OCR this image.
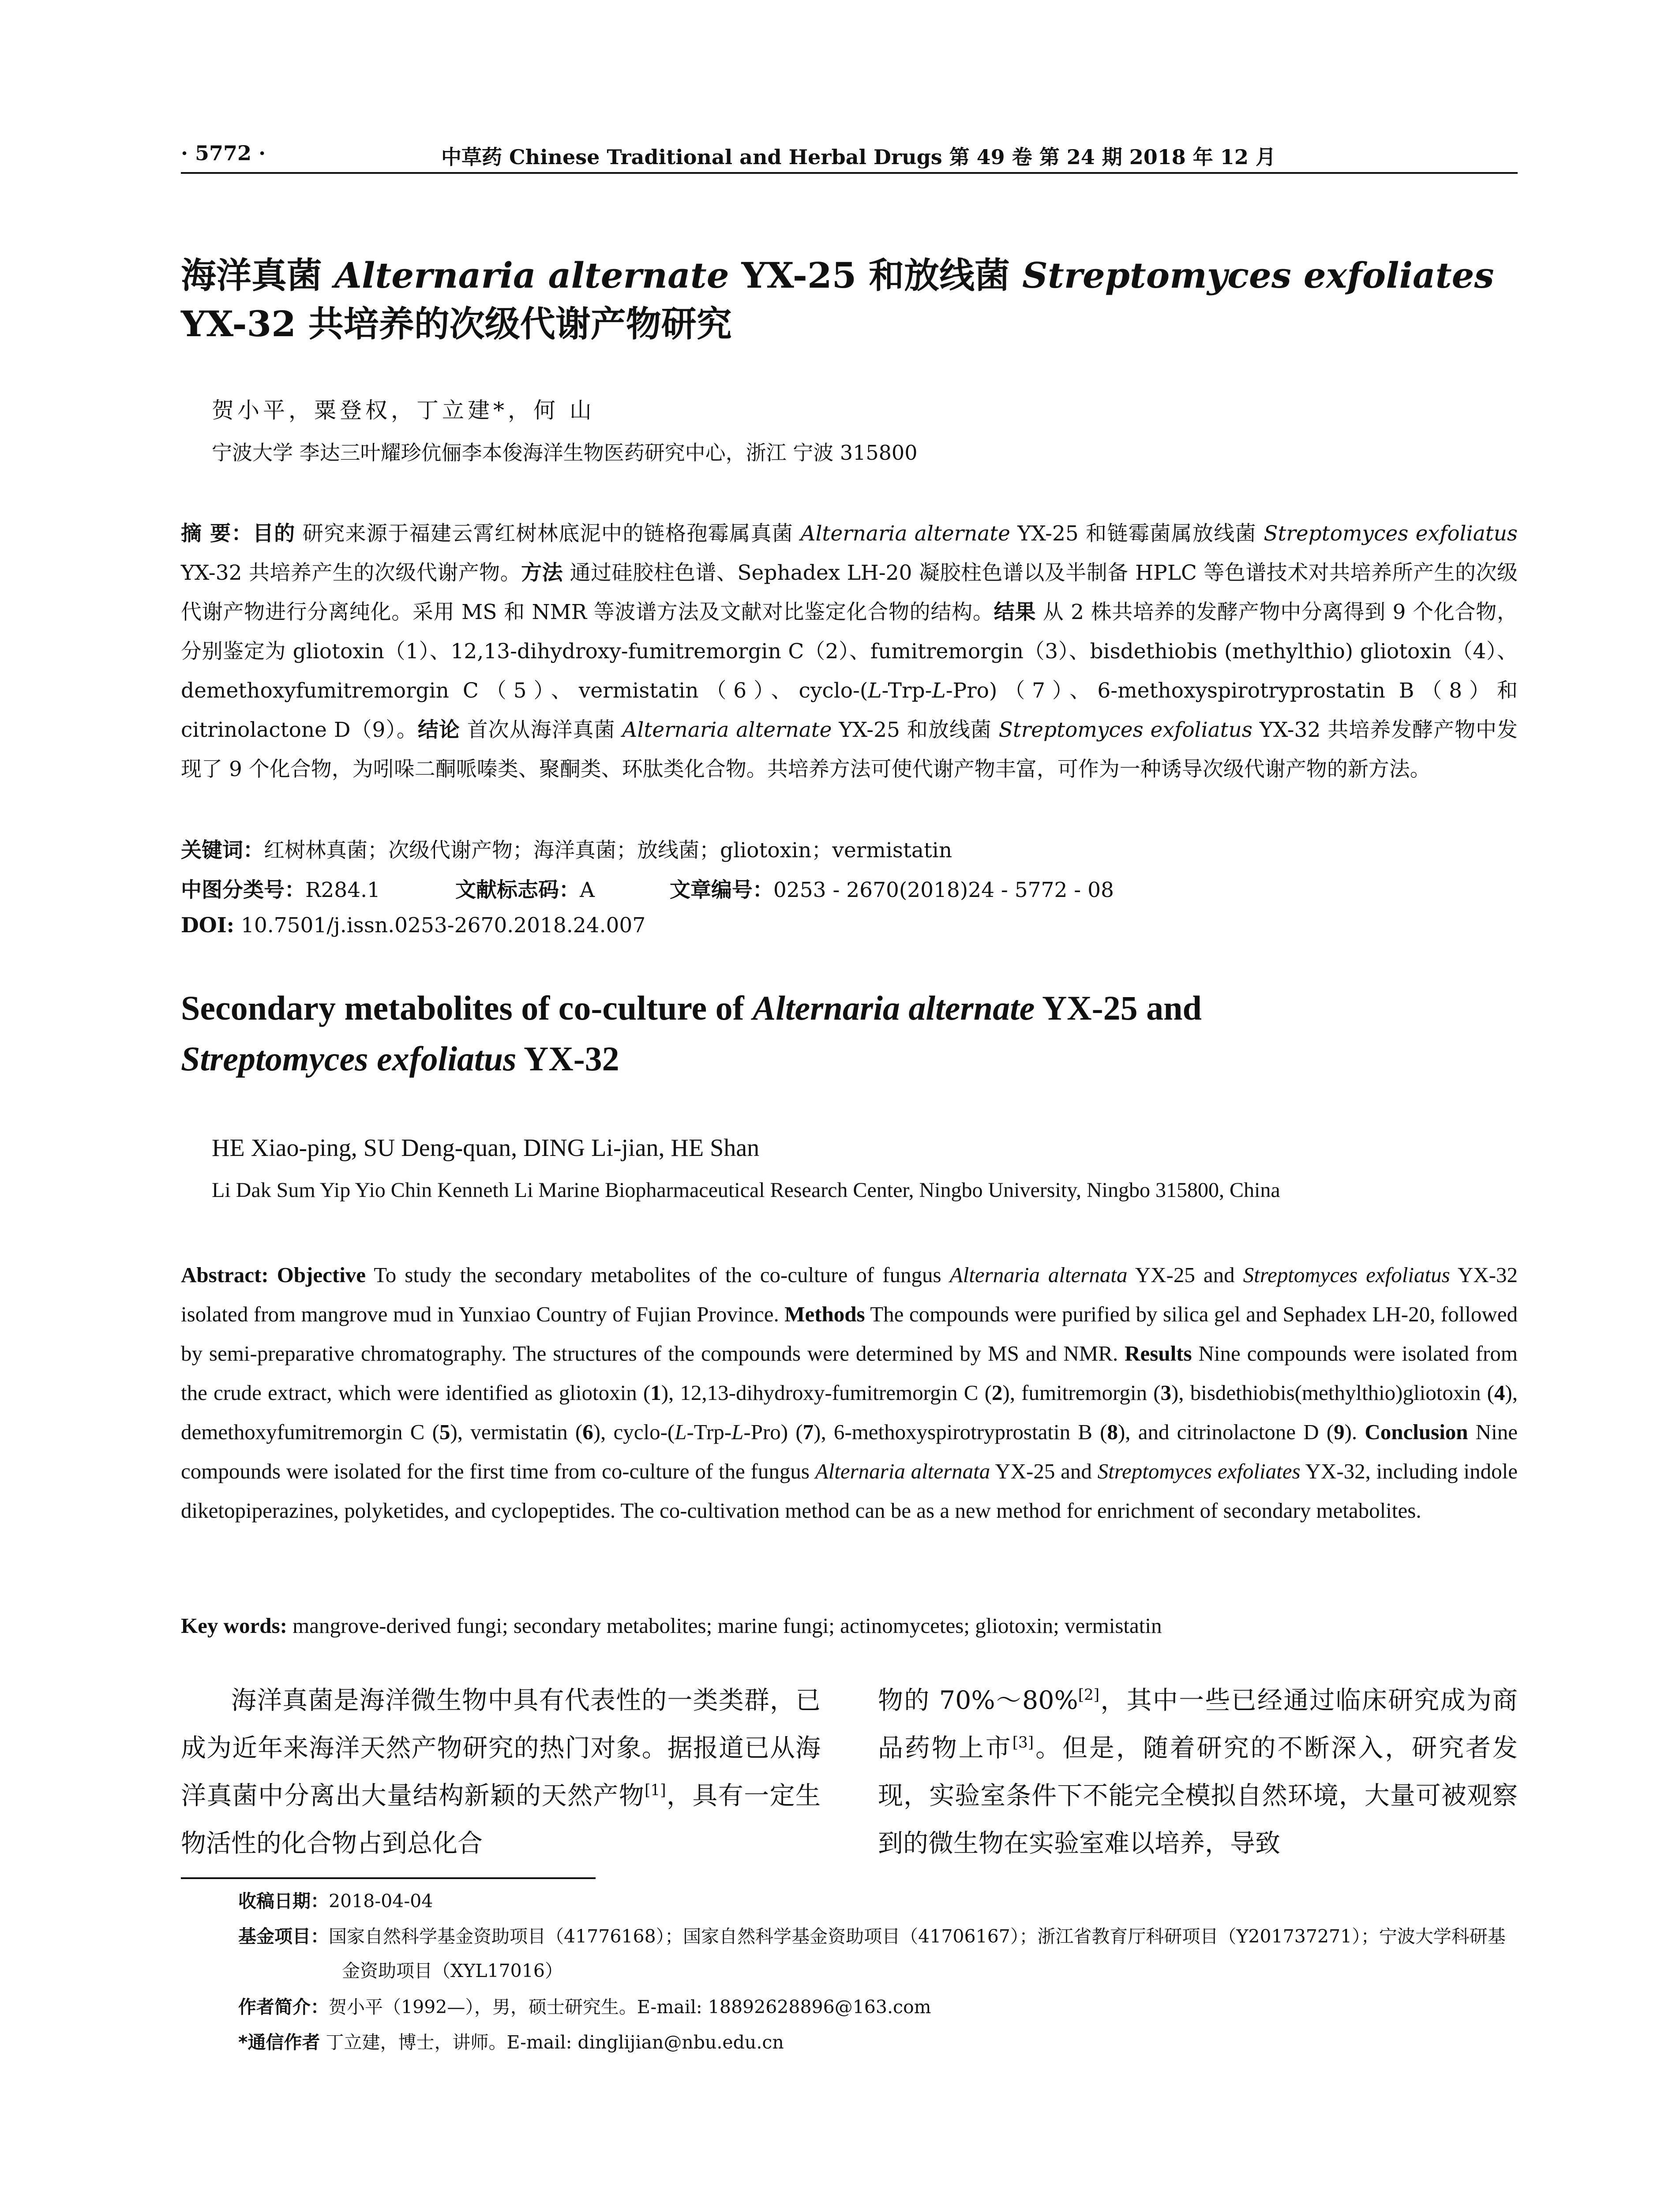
· 5772 ·	中草药 Chinese Traditional and Herbal Drugs 第 49 卷 第 24 期 2018 年 12 月
海洋真菌 Alternaria alternate YX-25 和放线菌 Streptomyces exfoliates
YX-32 共培养的次级代谢产物研究
贺小平，粟登权，丁立建*，何 山
宁波大学 李达三叶耀珍伉俪李本俊海洋生物医药研究中心，浙江 宁波 315800
摘 要：目的 研究来源于福建云霄红树林底泥中的链格孢霉属真菌 Alternaria alternate YX-25 和链霉菌属放线菌 Streptomyces exfoliatus YX-32 共培养产生的次级代谢产物。方法 通过硅胶柱色谱、Sephadex LH-20 凝胶柱色谱以及半制备 HPLC 等色谱技术对共培养所产生的次级代谢产物进行分离纯化。采用 MS 和 NMR 等波谱方法及文献对比鉴定化合物的结构。结果 从 2 株共培养的发酵产物中分离得到 9 个化合物，分别鉴定为 gliotoxin（1）、12,13-dihydroxy-fumitremorgin C（2）、fumitremorgin（3）、bisdethiobis (methylthio) gliotoxin（4）、demethoxyfumitremorgin C（5）、vermistatin（6）、cyclo-(L-Trp-L-Pro)（7）、6-methoxyspirotryprostatin B（8）和 citrinolactone D（9）。结论 首次从海洋真菌 Alternaria alternate YX-25 和放线菌 Streptomyces exfoliatus YX-32 共培养发酵产物中发现了 9 个化合物，为吲哚二酮哌嗪类、聚酮类、环肽类化合物。共培养方法可使代谢产物丰富，可作为一种诱导次级代谢产物的新方法。
关键词：红树林真菌；次级代谢产物；海洋真菌；放线菌；gliotoxin；vermistatin
中图分类号：R284.1	文献标志码：A	文章编号：0253 - 2670(2018)24 - 5772 - 08
DOI: 10.7501/j.issn.0253-2670.2018.24.007
Secondary metabolites of co-culture of Alternaria alternate YX-25 and
Streptomyces exfoliatus YX-32
HE Xiao-ping, SU Deng-quan, DING Li-jian, HE Shan
Li Dak Sum Yip Yio Chin Kenneth Li Marine Biopharmaceutical Research Center, Ningbo University, Ningbo 315800, China
Abstract: Objective To study the secondary metabolites of the co-culture of fungus Alternaria alternata YX-25 and Streptomyces exfoliatus YX-32 isolated from mangrove mud in Yunxiao Country of Fujian Province. Methods The compounds were purified by silica gel and Sephadex LH-20, followed by semi-preparative chromatography. The structures of the compounds were determined by MS and NMR. Results Nine compounds were isolated from the crude extract, which were identified as gliotoxin (1), 12,13-dihydroxy-fumitremorgin C (2), fumitremorgin (3), bisdethiobis(methylthio)gliotoxin (4), demethoxyfumitremorgin C (5), vermistatin (6), cyclo-(L-Trp-L-Pro) (7), 6-methoxyspirotryprostatin B (8), and citrinolactone D (9). Conclusion Nine compounds were isolated for the first time from co-culture of the fungus Alternaria alternata YX-25 and Streptomyces exfoliates YX-32, including indole diketopiperazines, polyketides, and cyclopeptides. The co-cultivation method can be as a new method for enrichment of secondary metabolites.
Key words: mangrove-derived fungi; secondary metabolites; marine fungi; actinomycetes; gliotoxin; vermistatin
海洋真菌是海洋微生物中具有代表性的一类类群，已成为近年来海洋天然产物研究的热门对象。据报道已从海洋真菌中分离出大量结构新颖的天然产物[1]，具有一定生物活性的化合物占到总化合
物的 70%～80%[2]，其中一些已经通过临床研究成为商品药物上市[3]。但是，随着研究的不断深入，研究者发现，实验室条件下不能完全模拟自然环境，大量可被观察到的微生物在实验室难以培养，导致
收稿日期：2018-04-04
基金项目：国家自然科学基金资助项目（41776168）；国家自然科学基金资助项目（41706167）；浙江省教育厅科研项目（Y201737271）；宁波大学科研基金资助项目（XYL17016）
作者简介：贺小平（1992—），男，硕士研究生。E-mail: 18892628896@163.com
*通信作者 丁立建，博士，讲师。E-mail: dinglijian@nbu.edu.cn
